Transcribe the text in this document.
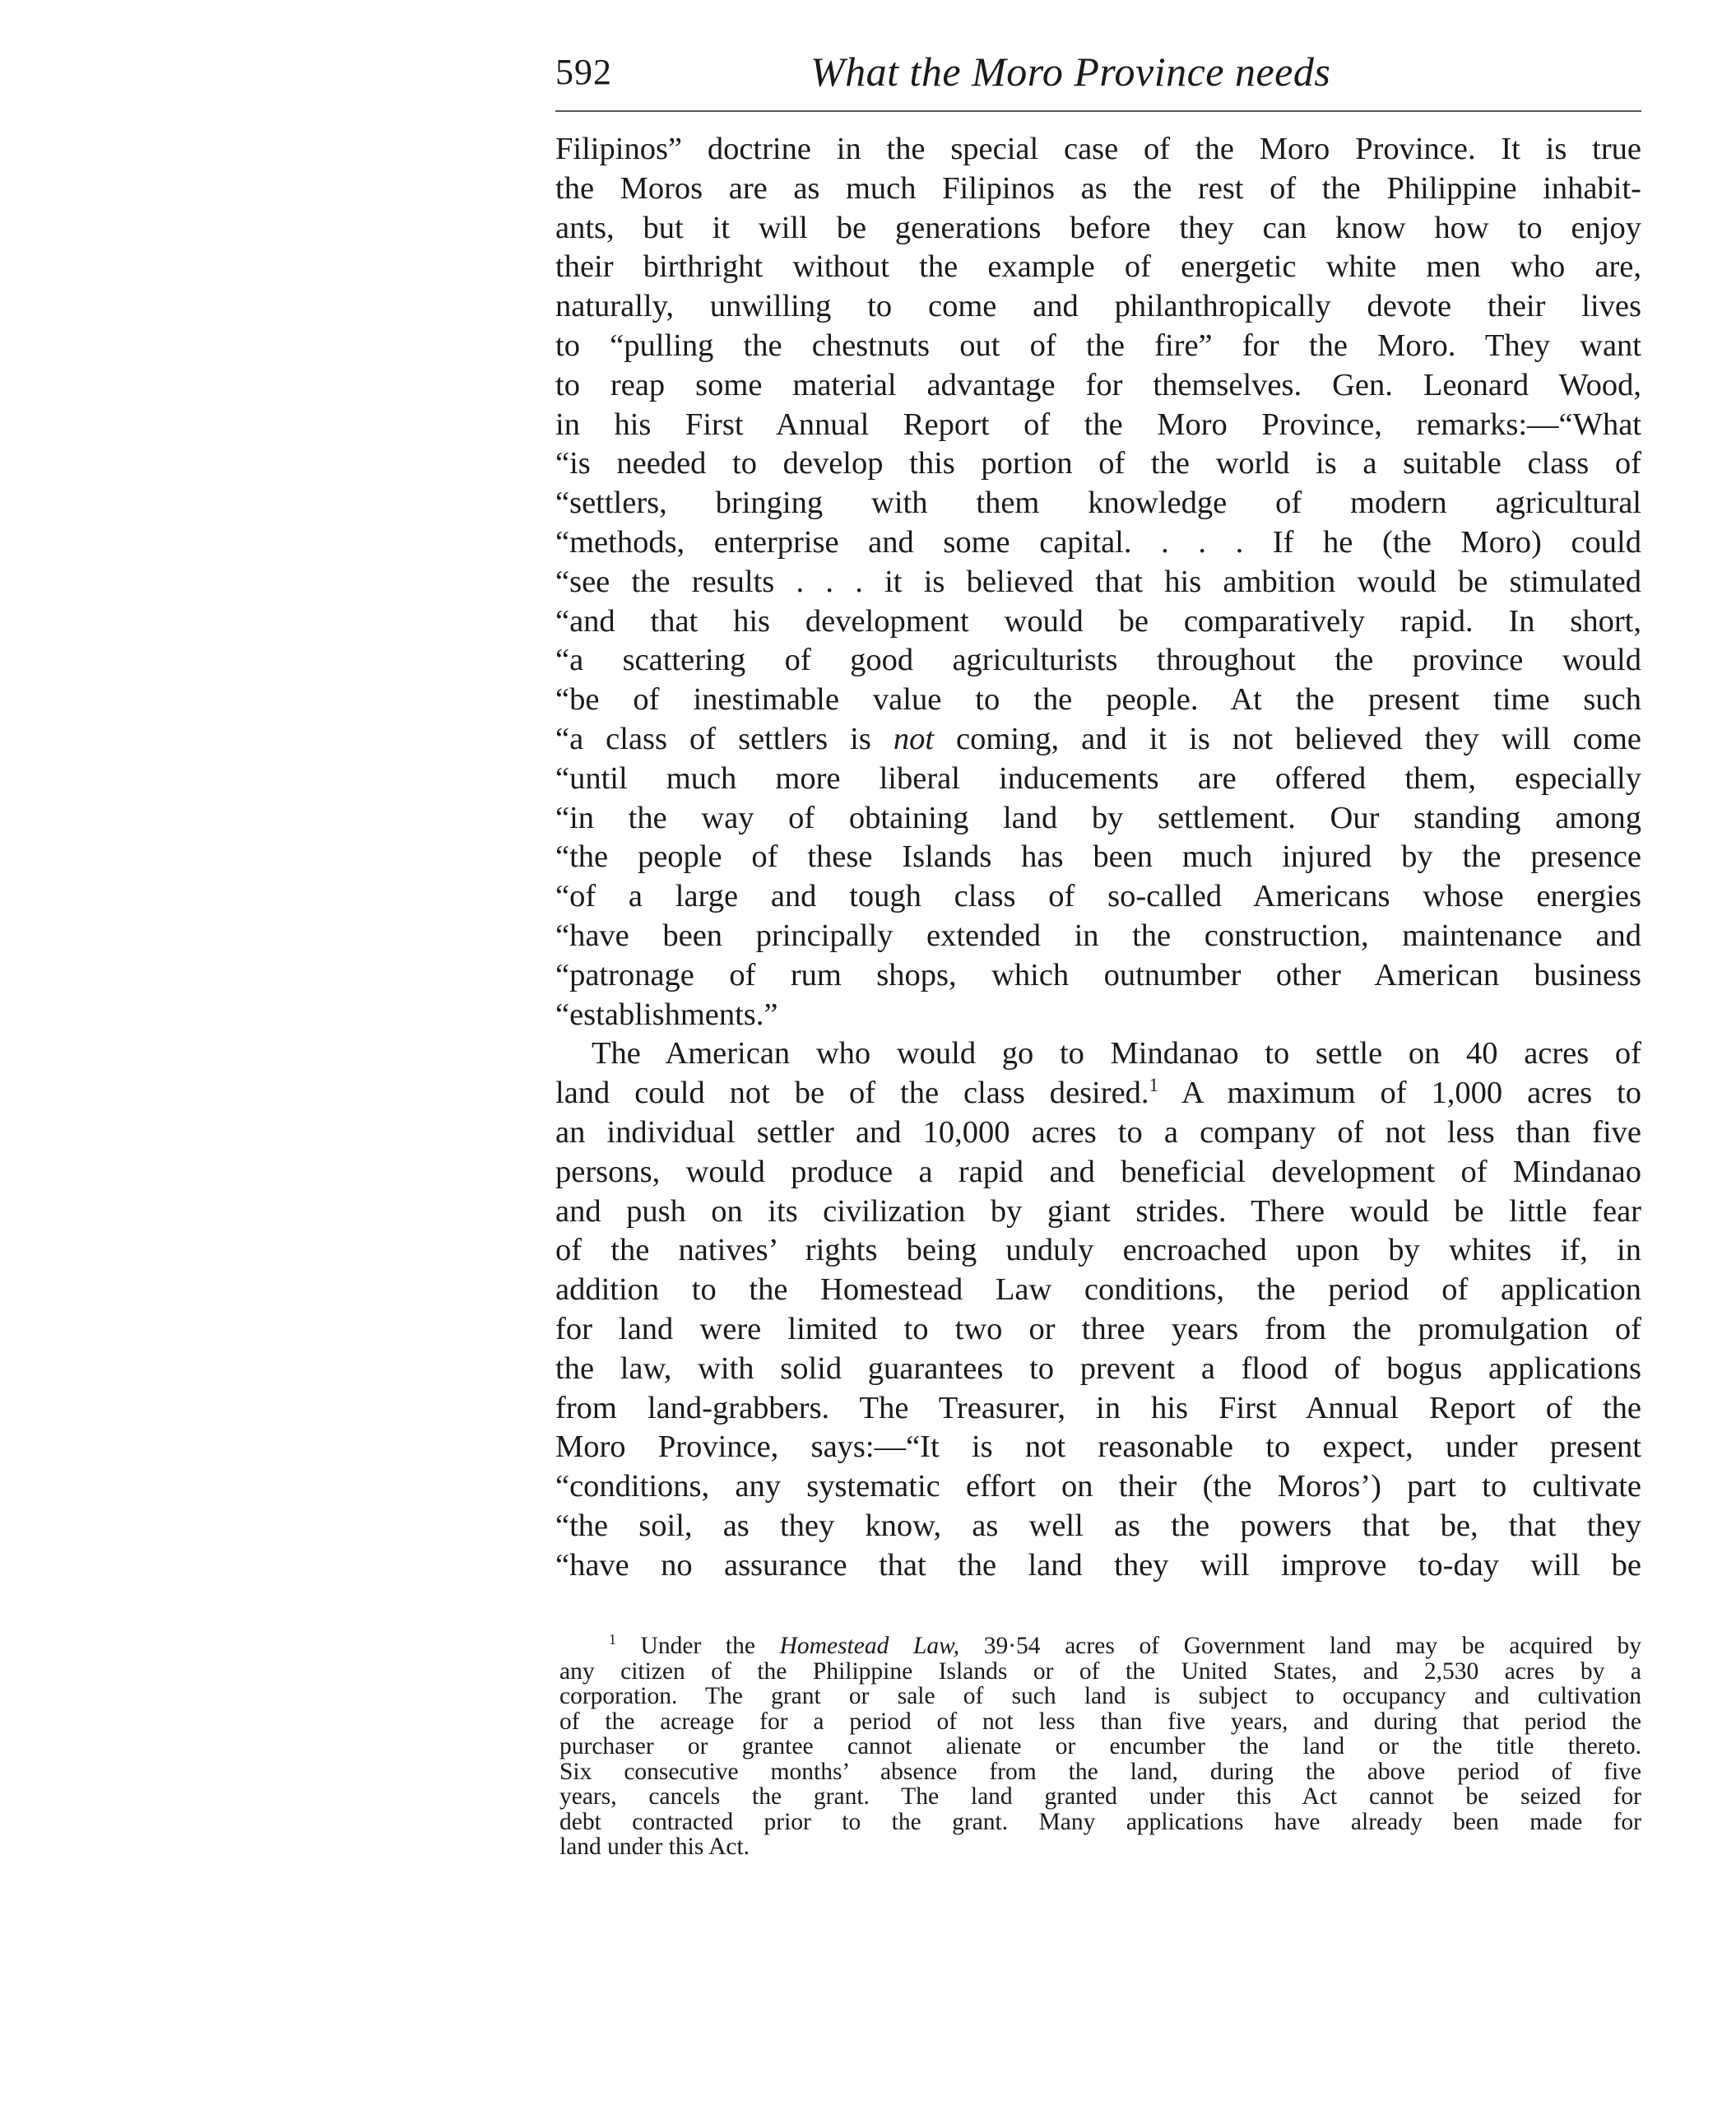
592	What the Moro Province needs
Filipinos” doctrine in the special case of the Moro Province. It is true
the Moros are as much Filipinos as the rest of the Philippine inhabit-
ants, but it will be generations before they can know how to enjoy
their birthright without the example of energetic white men who are,
naturally, unwilling to come and philanthropically devote their lives
to “pulling the chestnuts out of the fire” for the Moro. They want
to reap some material advantage for themselves. Gen. Leonard Wood,
in his First Annual Report of the Moro Province, remarks:—“What
“is needed to develop this portion of the world is a suitable class of
“settlers, bringing with them knowledge of modern agricultural
“methods, enterprise and some capital. . . . If he (the Moro) could
“see the results . . . it is believed that his ambition would be stimulated
“and that his development would be comparatively rapid. In short,
“a scattering of good agriculturists throughout the province would
“be of inestimable value to the people. At the present time such
“a class of settlers is not coming, and it is not believed they will come
“until much more liberal inducements are offered them, especially
“in the way of obtaining land by settlement. Our standing among
“the people of these Islands has been much injured by the presence
“of a large and tough class of so-called Americans whose energies
“have been principally extended in the construction, maintenance and
“patronage of rum shops, which outnumber other American business
“establishments.”
The American who would go to Mindanao to settle on 40 acres of
land could not be of the class desired.$^1$ A maximum of 1,000 acres to
an individual settler and 10,000 acres to a company of not less than five
persons, would produce a rapid and beneficial development of Mindanao
and push on its civilization by giant strides. There would be little fear
of the natives’ rights being unduly encroached upon by whites if, in
addition to the Homestead Law conditions, the period of application
for land were limited to two or three years from the promulgation of
the law, with solid guarantees to prevent a flood of bogus applications
from land-grabbers. The Treasurer, in his First Annual Report of the
Moro Province, says:—“It is not reasonable to expect, under present
“conditions, any systematic effort on their (the Moros’) part to cultivate
“the soil, as they know, as well as the powers that be, that they
“have no assurance that the land they will improve to-day will be
$^1$ Under the Homestead Law, 39·54 acres of Government land may be acquired by
any citizen of the Philippine Islands or of the United States, and 2,530 acres by a
corporation. The grant or sale of such land is subject to occupancy and cultivation
of the acreage for a period of not less than five years, and during that period the
purchaser or grantee cannot alienate or encumber the land or the title thereto.
Six consecutive months’ absence from the land, during the above period of five
years, cancels the grant. The land granted under this Act cannot be seized for
debt contracted prior to the grant. Many applications have already been made for
land under this Act.
